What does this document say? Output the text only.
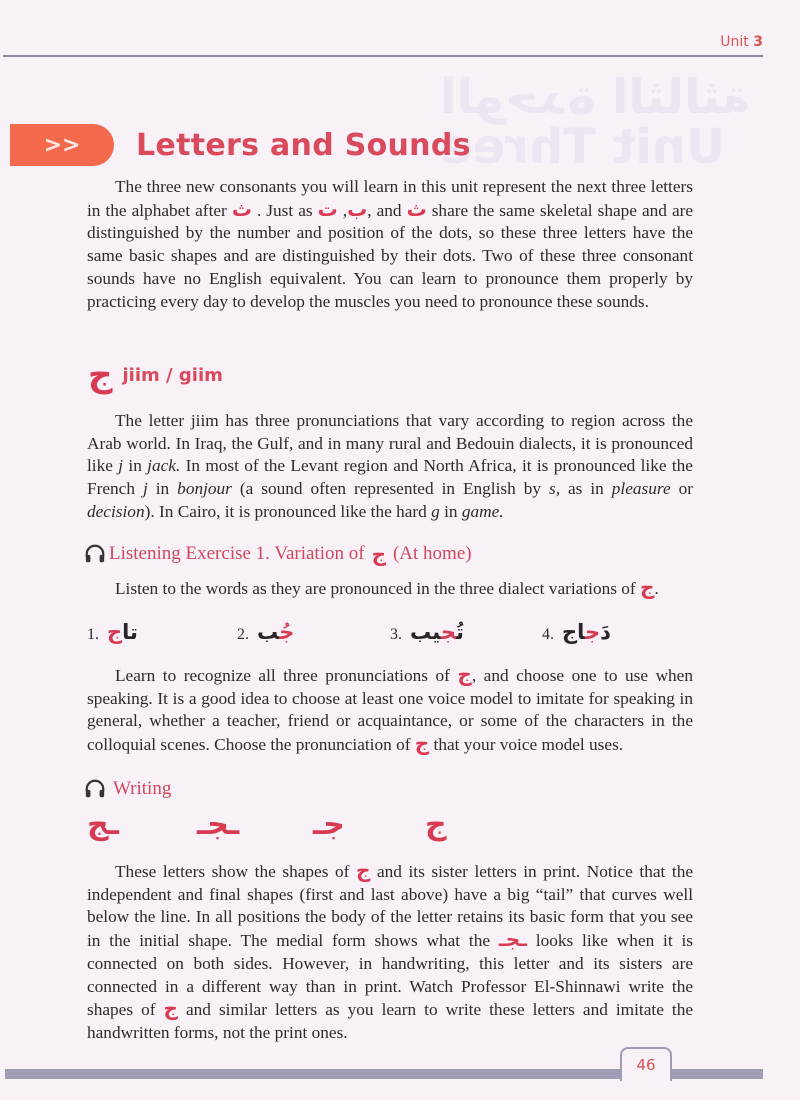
Unit 3
الوحدة الثالثة
Unit Three
>> Letters and Sounds

The three new consonants you will learn in this unit represent the next three letters in the alphabet after ث . Just as ب, ت , and ث share the same skeletal shape and are distinguished by the number and position of the dots, so these three letters have the same basic shapes and are distinguished by their dots. Two of these three consonant sounds have no English equivalent. You can learn to pronounce them properly by practicing every day to develop the muscles you need to pronounce these sounds.

ج jiim / giim

The letter jiim has three pronunciations that vary according to region across the Arab world. In Iraq, the Gulf, and in many rural and Bedouin dialects, it is pronounced like j in jack. In most of the Levant region and North Africa, it is pronounced like the French j in bonjour (a sound often represented in English by s, as in pleasure or decision). In Cairo, it is pronounced like the hard g in game.

Listening Exercise 1. Variation of ج (At home)

Listen to the words as they are pronounced in the three dialect variations of ج.

1.	تاج	2.	جُب	3.	تُجيب	4.	دَجاج

Learn to recognize all three pronunciations of ج, and choose one to use when speaking. It is a good idea to choose at least one voice model to imitate for speaking in general, whether a teacher, friend or acquaintance, or some of the characters in the colloquial scenes. Choose the pronunciation of ج that your voice model uses.

Writing
ـج	ـجـ جـ	ج

These letters show the shapes of ج and its sister letters in print. Notice that the independent and final shapes (first and last above) have a big “tail” that curves well below the line. In all positions the body of the letter retains its basic form that you see in the initial shape. The medial form shows what the ـجـ looks like when it is connected on both sides. However, in handwriting, this letter and its sisters are connected in a different way than in print. Watch Professor El-Shinnawi write the shapes of ج and similar letters as you learn to write these letters and imitate the handwritten forms, not the print ones.

46
